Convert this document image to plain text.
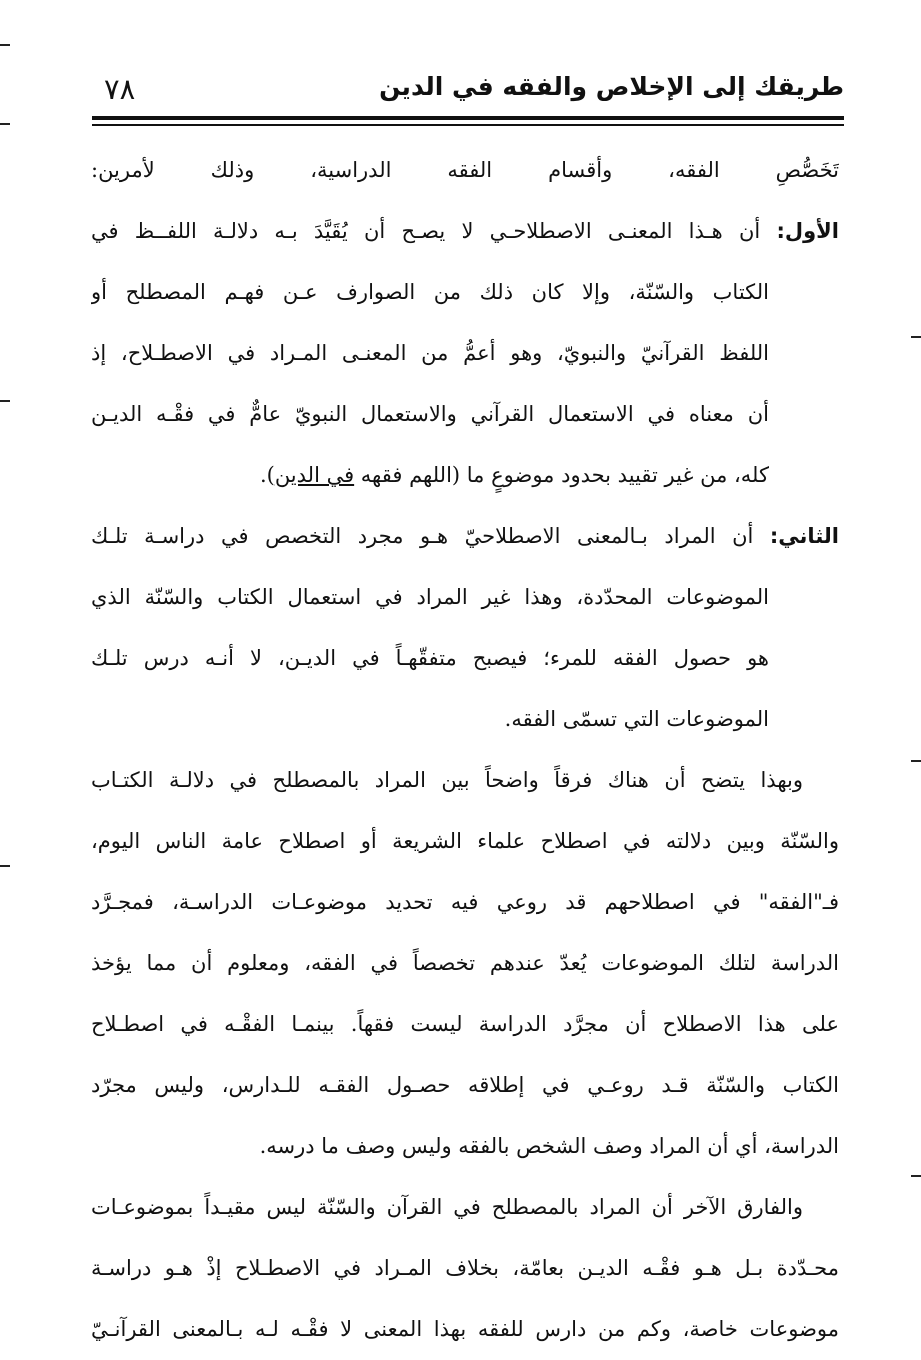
طريقك إلى الإخلاص والفقه في الدين
٧٨
تَخَصُّصِ الفقه، وأقسام الفقه الدراسية، وذلك لأمرين:
الأول: أن هـذا المعنـى الاصطلاحـي لا يصـح أن يُقَيَّدَ بـه دلالـة اللفــظ في
الكتاب والسّنّة، وإلا كان ذلك من الصوارف عـن فهـم المصطلح أو
اللفظ القرآنيّ والنبويّ، وهو أعمُّ من المعنـى المـراد في الاصطـلاح، إذ
أن معناه في الاستعمال القرآني والاستعمال النبويّ عامٌّ في فقْـه الديـن
كله، من غير تقييد بحدود موضوعٍ ما (اللهم فقهه في الدين).
الثاني: أن المراد بـالمعنى الاصطلاحيّ هـو مجرد التخصص في دراسـة تلـك
الموضوعات المحدّدة، وهذا غير المراد في استعمال الكتاب والسّنّة الذي
هو حصول الفقه للمرء؛ فيصبح متفقّهـاً في الديـن، لا أنـه درس تلـك
الموضوعات التي تسمّى الفقه.
وبهذا يتضح أن هناك فرقاً واضحاً بين المراد بالمصطلح في دلالـة الكتـاب
والسّنّة وبين دلالته في اصطلاح علماء الشريعة أو اصطلاح عامة الناس اليوم،
فـ"الفقه" في اصطلاحهم قد روعي فيه تحديد موضوعـات الدراسـة، فمجـرَّد
الدراسة لتلك الموضوعات يُعدّ عندهم تخصصاً في الفقه، ومعلوم أن مما يؤخذ
على هذا الاصطلاح أن مجرَّد الدراسة ليست فقهاً. بينمـا الفقْـه في اصطـلاح
الكتاب والسّنّة قـد روعـي في إطلاقه حصـول الفقـه للـدارس، وليس مجرّد
الدراسة، أي أن المراد وصف الشخص بالفقه وليس وصف ما درسه.
والفارق الآخر أن المراد بالمصطلح في القرآن والسّنّة ليس مقيـداً بموضوعـات
محـدّدة بـل هـو فقْـه الديـن بعامّة، بخلاف المـراد في الاصطـلاح إذْ هـو دراسـة
موضوعات خاصة، وكم من دارس للفقه بهذا المعنى لا فقْـه لـه بـالمعنى القرآنـيّ
